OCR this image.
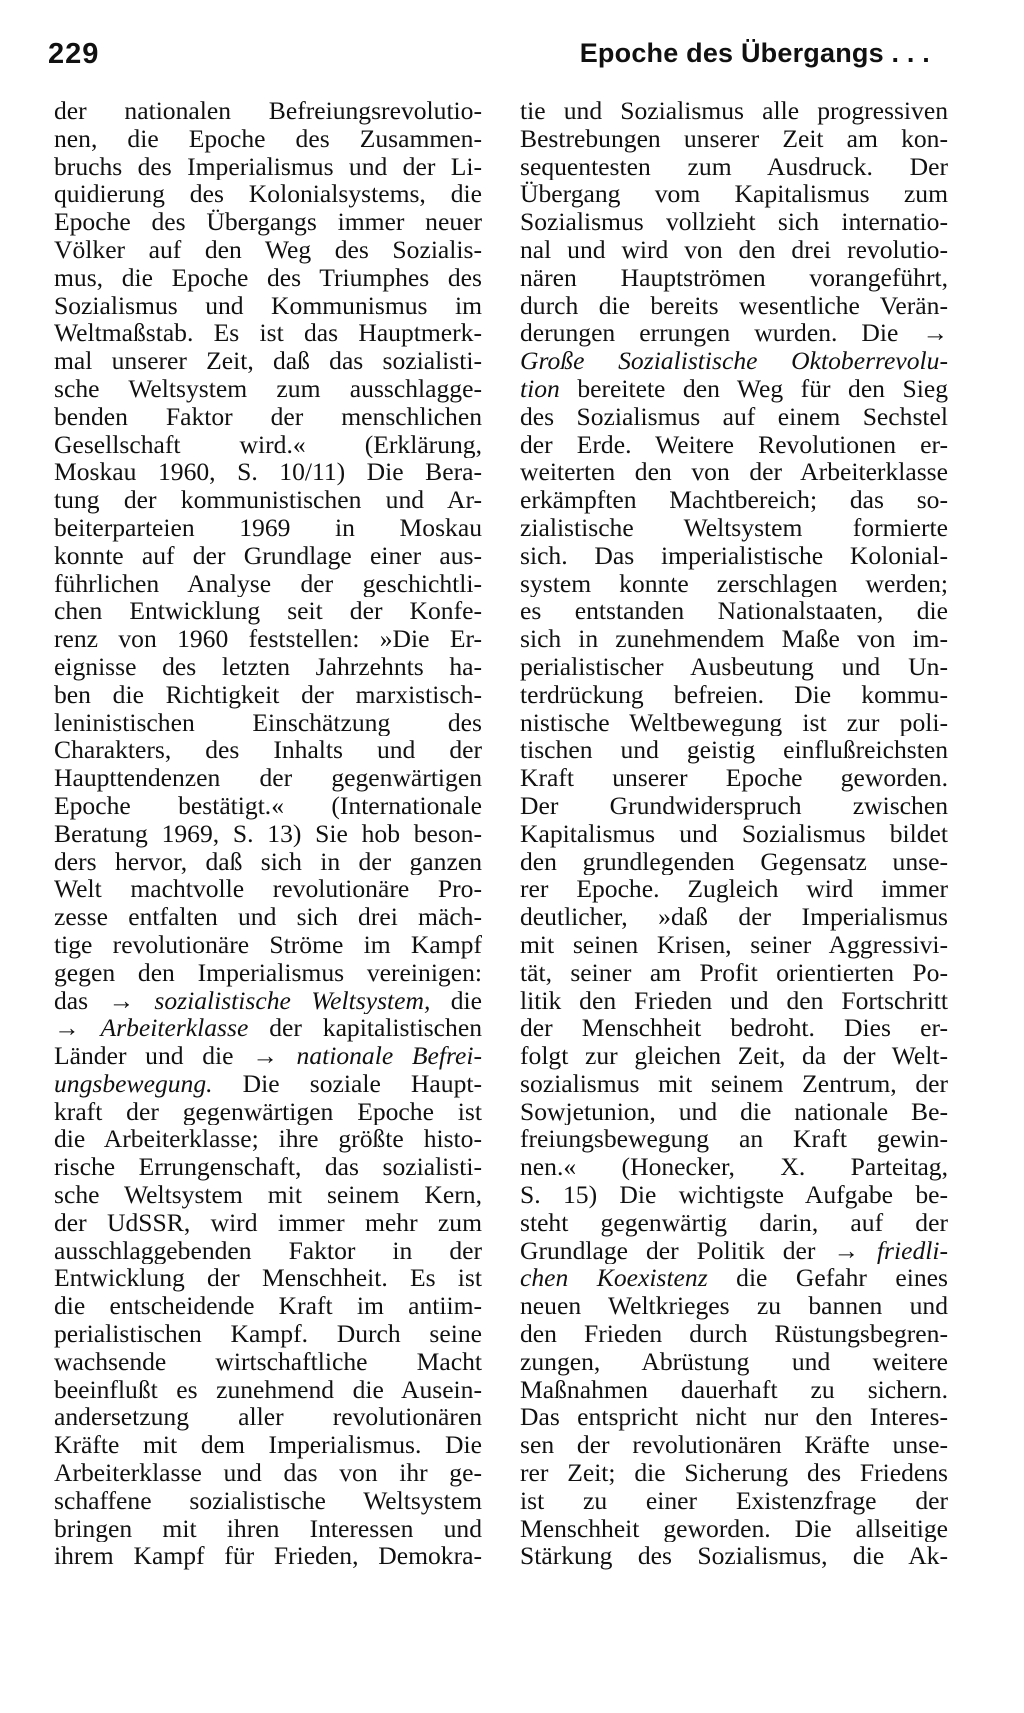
229	Epoche des Übergangs . . .
der nationalen Befreiungsrevolutio-
nen, die Epoche des Zusammen-
bruchs des Imperialismus und der Li-
quidierung des Kolonialsystems, die
Epoche des Übergangs immer neuer
Völker auf den Weg des Sozialis-
mus, die Epoche des Triumphes des
Sozialismus und Kommunismus im
Weltmaßstab. Es ist das Hauptmerk-
mal unserer Zeit, daß das sozialisti-
sche Weltsystem zum ausschlagge-
benden Faktor der menschlichen
Gesellschaft wird.« (Erklärung,
Moskau 1960, S. 10/11) Die Bera-
tung der kommunistischen und Ar-
beiterparteien 1969 in Moskau
konnte auf der Grundlage einer aus-
führlichen Analyse der geschichtli-
chen Entwicklung seit der Konfe-
renz von 1960 feststellen: »Die Er-
eignisse des letzten Jahrzehnts ha-
ben die Richtigkeit der marxistisch-
leninistischen Einschätzung des
Charakters, des Inhalts und der
Haupttendenzen der gegenwärtigen
Epoche bestätigt.« (Internationale
Beratung 1969, S. 13) Sie hob beson-
ders hervor, daß sich in der ganzen
Welt machtvolle revolutionäre Pro-
zesse entfalten und sich drei mäch-
tige revolutionäre Ströme im Kampf
gegen den Imperialismus vereinigen:
das → sozialistische Weltsystem, die
→ Arbeiterklasse der kapitalistischen
Länder und die → nationale Befrei-
ungsbewegung. Die soziale Haupt-
kraft der gegenwärtigen Epoche ist
die Arbeiterklasse; ihre größte histo-
rische Errungenschaft, das sozialisti-
sche Weltsystem mit seinem Kern,
der UdSSR, wird immer mehr zum
ausschlaggebenden Faktor in der
Entwicklung der Menschheit. Es ist
die entscheidende Kraft im antiim-
perialistischen Kampf. Durch seine
wachsende wirtschaftliche Macht
beeinflußt es zunehmend die Ausein-
andersetzung aller revolutionären
Kräfte mit dem Imperialismus. Die
Arbeiterklasse und das von ihr ge-
schaffene sozialistische Weltsystem
bringen mit ihren Interessen und
ihrem Kampf für Frieden, Demokra-
tie und Sozialismus alle progressiven
Bestrebungen unserer Zeit am kon-
sequentesten zum Ausdruck. Der
Übergang vom Kapitalismus zum
Sozialismus vollzieht sich internatio-
nal und wird von den drei revolutio-
nären Hauptströmen vorangeführt,
durch die bereits wesentliche Verän-
derungen errungen wurden. Die →
Große Sozialistische Oktoberrevolu-
tion bereitete den Weg für den Sieg
des Sozialismus auf einem Sechstel
der Erde. Weitere Revolutionen er-
weiterten den von der Arbeiterklasse
erkämpften Machtbereich; das so-
zialistische Weltsystem formierte
sich. Das imperialistische Kolonial-
system konnte zerschlagen werden;
es entstanden Nationalstaaten, die
sich in zunehmendem Maße von im-
perialistischer Ausbeutung und Un-
terdrückung befreien. Die kommu-
nistische Weltbewegung ist zur poli-
tischen und geistig einflußreichsten
Kraft unserer Epoche geworden.
Der Grundwiderspruch zwischen
Kapitalismus und Sozialismus bildet
den grundlegenden Gegensatz unse-
rer Epoche. Zugleich wird immer
deutlicher, »daß der Imperialismus
mit seinen Krisen, seiner Aggressivi-
tät, seiner am Profit orientierten Po-
litik den Frieden und den Fortschritt
der Menschheit bedroht. Dies er-
folgt zur gleichen Zeit, da der Welt-
sozialismus mit seinem Zentrum, der
Sowjetunion, und die nationale Be-
freiungsbewegung an Kraft gewin-
nen.« (Honecker, X. Parteitag,
S. 15) Die wichtigste Aufgabe be-
steht gegenwärtig darin, auf der
Grundlage der Politik der → friedli-
chen Koexistenz die Gefahr eines
neuen Weltkrieges zu bannen und
den Frieden durch Rüstungsbegren-
zungen, Abrüstung und weitere
Maßnahmen dauerhaft zu sichern.
Das entspricht nicht nur den Interes-
sen der revolutionären Kräfte unse-
rer Zeit; die Sicherung des Friedens
ist zu einer Existenzfrage der
Menschheit geworden. Die allseitige
Stärkung des Sozialismus, die Ak-
